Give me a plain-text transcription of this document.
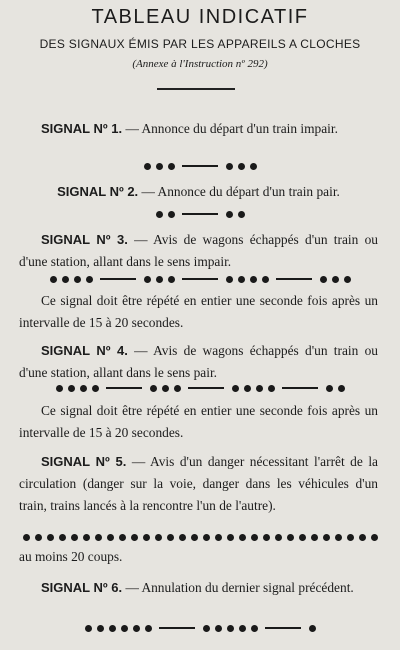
TABLEAU INDICATIF
DES SIGNAUX ÉMIS PAR LES APPAREILS A CLOCHES
(Annexe à l'Instruction nº 292)
SIGNAL Nº 1. — Annonce du départ d'un train impair.
SIGNAL Nº 2. — Annonce du départ d'un train pair.
SIGNAL Nº 3. — Avis de wagons échappés d'un train ou d'une station, allant dans le sens impair.
Ce signal doit être répété en entier une seconde fois après un intervalle de 15 à 20 secondes.
SIGNAL Nº 4. — Avis de wagons échappés d'un train ou d'une station, allant dans le sens pair.
Ce signal doit être répété en entier une seconde fois après un intervalle de 15 à 20 secondes.
SIGNAL Nº 5. — Avis d'un danger nécessitant l'arrêt de la circulation (danger sur la voie, danger dans les véhicules d'un train, trains lancés à la rencontre l'un de l'autre).
au moins 20 coups.
SIGNAL Nº 6. — Annulation du dernier signal précédent.
